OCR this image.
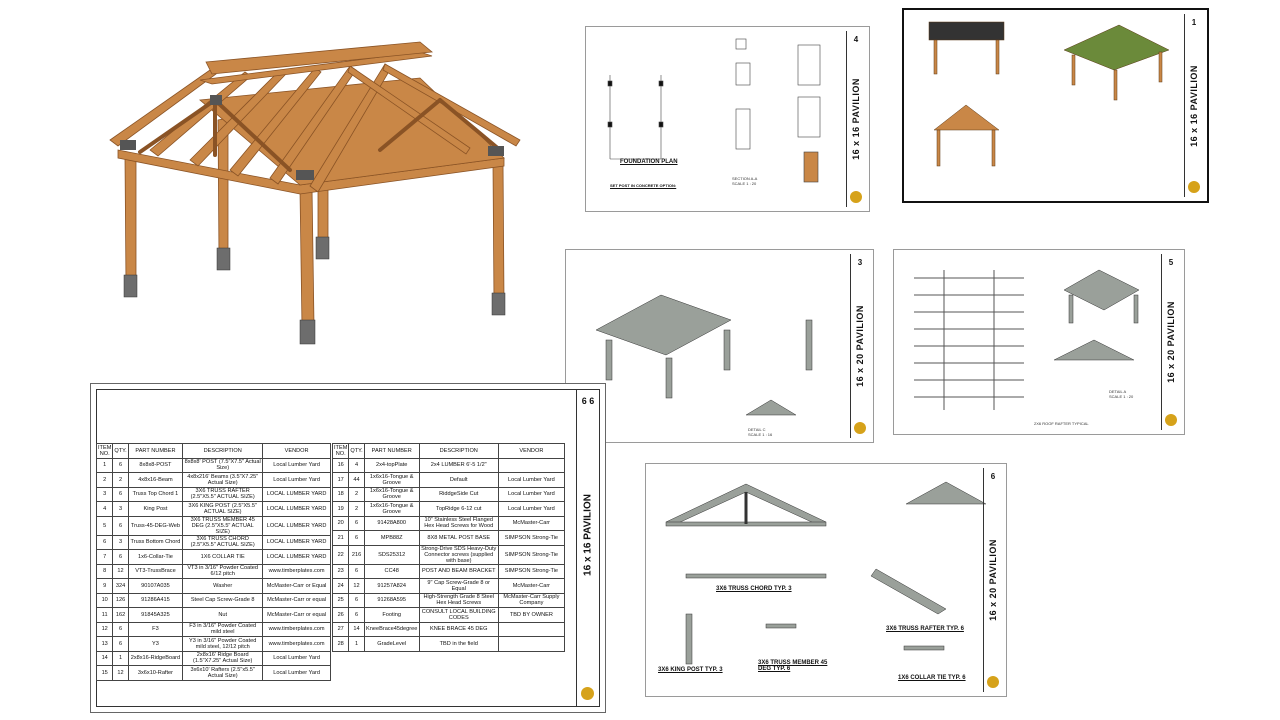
FOUNDATION PLAN
SET POST IN CONCRETE OPTION:
SECTION A-A
SCALE 1 : 20
4
16 x 16 PAVILION
1
16 x 16 PAVILION
DETAIL C
SCALE 1 : 16
3
16 x 20 PAVILION
2X6 ROOF RAFTER TYPICAL
DETAIL A
SCALE 1 : 20
5
16 x 20 PAVILION
3X6 TRUSS CHORD TYP. 3
3X6 TRUSS RAFTER TYP. 6
3X6 KING POST TYP. 3
3X6 TRUSS MEMBER 45 DEG TYP. 6
1X6 COLLAR TIE TYP. 6
6
16 x 20 PAVILION
ITEM NO.	QTY.	PART NUMBER	DESCRIPTION	VENDOR
1	6	8x8x8-POST	8x8x8' POST (7.5"X7.5" Actual Size)	Local Lumber Yard
2	2	4x8x16-Beam	4x8x216' Beams (3.5"X7.25" Actual Size)	Local Lumber Yard
3	6	Truss Top Chord 1	3X6 TRUSS RAFTER (2.5"X5.5" ACTUAL SIZE)	LOCAL LUMBER YARD
4	3	King Post	3X6 KING POST (2.5"X5.5" ACTUAL SIZE)	LOCAL LUMBER YARD
5	6	Truss-45-DEG-Web	3X6 TRUSS MEMBER 45 DEG (2.5"X5.5" ACTUAL SIZE)	LOCAL LUMBER YARD
6	3	Truss Bottom Chord	3X6 TRUSS CHORD (2.5"X5.5" ACTUAL SIZE)	LOCAL LUMBER YARD
7	6	1x6-Collar-Tie	1X6 COLLAR TIE	LOCAL LUMBER YARD
8	12	VT3-TrussBrace	VT3 in 3/16" Powder Coated 6/12 pitch	www.timberplates.com
9	324	90107A035	Washer	McMaster-Carr or Equal
10	126	91286A415	Steel Cap Screw-Grade 8	McMaster-Carr or equal
11	162	91845A325	Nut	McMaster-Carr or equal
12	6	F3	F3 in 3/16" Powder Coated mild steel	www.timberplates.com
13	6	Y3	Y3 in 3/16" Powder Coated mild steel, 12/12 pitch	www.timberplates.com
14	1	2x8x16-RidgeBoard	2x8x16' Ridge Board (1.5"X7.25" Actual Size)	Local Lumber Yard
15	12	3x6x10-Rafter	3x6x10' Rafters (2.5"x5.5" Actual Size)	Local Lumber Yard
ITEM NO.	QTY.	PART NUMBER	DESCRIPTION	VENDOR
16	4	2x4-topPlate	2x4 LUMBER 6'-5 1/2"	
17	44	1x6x16-Tongue & Groove	Default	Local Lumber Yard
18	2	1x6x16-Tongue & Groove	RiddgeSide Cut	Local Lumber Yard
19	2	1x6x16-Tongue & Groove	TopRidge 6-12 cut	Local Lumber Yard
20	6	91428A800	10" Stainless Steel Flanged Hex Head Screws for Wood	McMaster-Carr
21	6	MPB88Z	8X8 METAL POST BASE	SIMPSON Strong-Tie
22	216	SDS25312	Strong-Drive SDS Heavy-Duty Connector screws (supplied with base)	SIMPSON Strong-Tie
23	6	CC48	POST AND BEAM BRACKET	SIMPSON Strong-Tie
24	12	91257A824	9" Cap Screw-Grade 8 or Equal	McMaster-Carr
25	6	91268A595	High-Strength Grade 8 Steel Hex Head Screws	McMaster-Carr Supply Company
26	6	Footing	CONSULT LOCAL BUILDING CODES	TBD BY OWNER
27	14	KneeBrace45degree	KNEE BRACE 45 DEG	
28	1	GradeLevel	TBD in the field	
6 6
16 x 16 PAVILION
